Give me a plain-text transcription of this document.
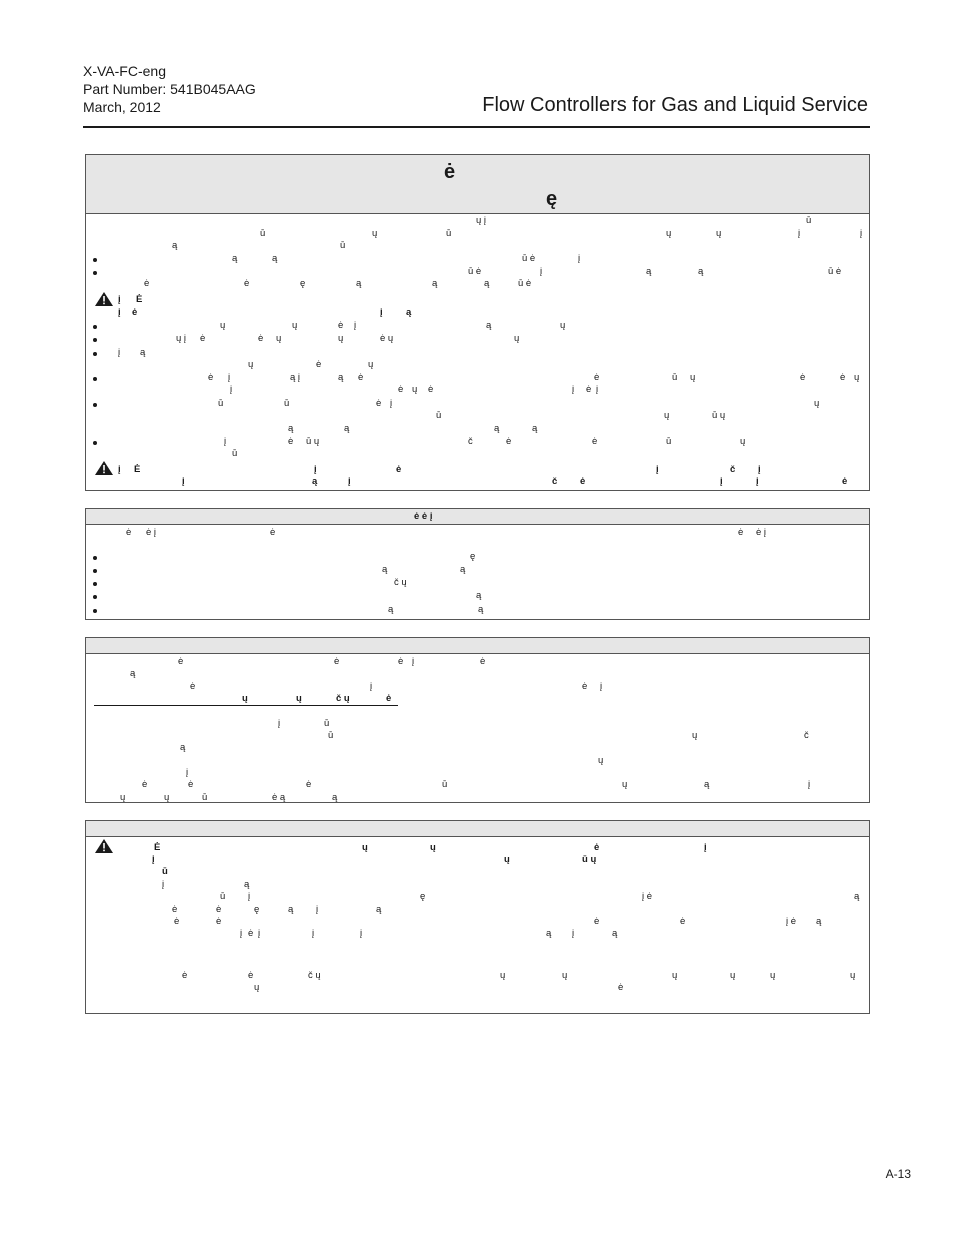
X-VA-FC-eng
Part Number: 541B045AAG
March, 2012	Flow Controllers for Gas and Liquid Service
ė
ę
ų į	ū
ū	ų	ū	ų	ų	į	į
ą	ū
ą	ą	ū ė	į
ū ė	į	ą	ą	ū ė
ė	ė	ę	ą	ą	ą	ū ė
į Ė
į ė	į ą
ų	ų	ė į	ą	ų
ų į ė	ė ų	ų	ė ų	ų
į ą
ų	ė	ų
ė į	ą į	ą ė	ė	ū ų	ė	ė ų
į	ė ų ė	į ė į
ū	ū	ė į	ų
ū	ų	ū ų
ą	ą	ą	ą
į	ė ū ų	č	ė	ė	ū	ų
ū
į Ė	į	ė	į	č į
į	ą	į	č ė	į	į	ė
ė ė į
ė ė į	ė	ė ė į
ę
ą	ą
č ų
ą
ą	ą
ė	ė	ė į	ė
ą
ė	į	ė į
ų	ų	č ų	ė
į	ū
ū	ų	č
ą
ų
į
ė	ė	ė	ū	ų	ą	į
ų	ų	ū	ė ą	ą
Ė	ų	ų	ė	į
į	ų	ū ų
ū
į	ą
ū į	ę	į ė	ą
ė	ė	ę	ą į	ą
ė	ė	ė	ė	į ė ą
į ė į	į	į	ą į	ą
ė	ė	č ų	ų	ų	ų	ų	ų	ų
ų	ė
A-13
